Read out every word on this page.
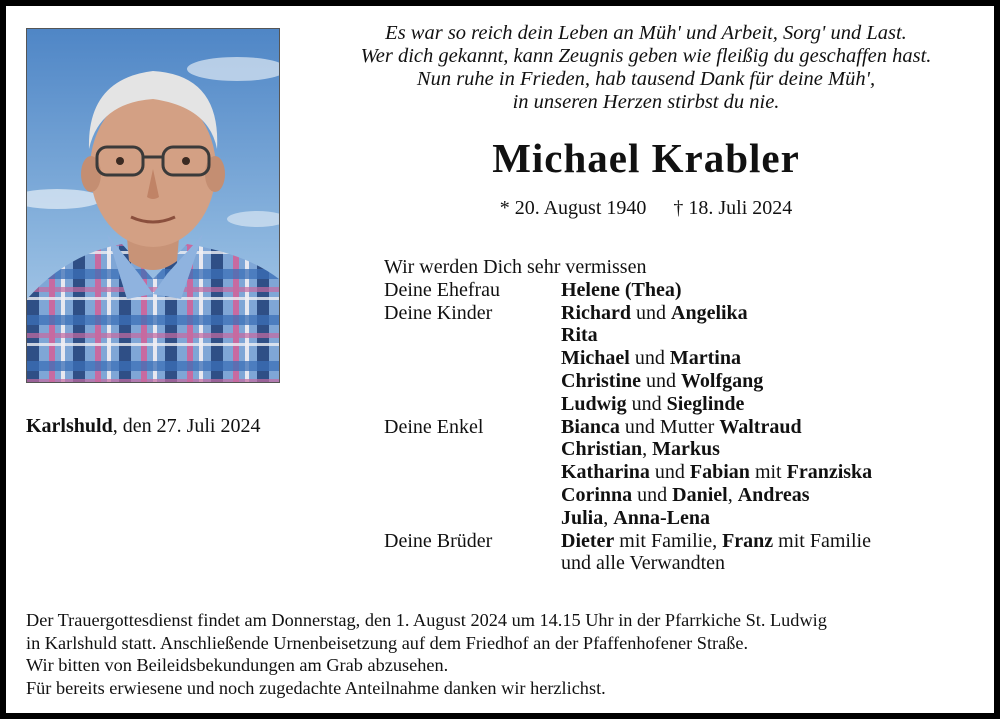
Es war so reich dein Leben an Müh' und Arbeit, Sorg' und Last.
Wer dich gekannt, kann Zeugnis geben wie fleißig du geschaffen hast.
Nun ruhe in Frieden, hab tausend Dank für deine Müh',
in unseren Herzen stirbst du nie.
Michael Krabler
* 20. August 1940 † 18. Juli 2024
Karlshuld, den 27. Juli 2024
Wir werden Dich sehr vermissen
Deine Ehefrau	Helene (Thea)
Deine Kinder	Richard und Angelika
Rita
Michael und Martina
Christine und Wolfgang
Ludwig und Sieglinde
Deine Enkel	Bianca und Mutter Waltraud
Christian, Markus
Katharina und Fabian mit Franziska
Corinna und Daniel, Andreas
Julia, Anna-Lena
Deine Brüder	Dieter mit Familie, Franz mit Familie
und alle Verwandten
Der Trauergottesdienst findet am Donnerstag, den 1. August 2024 um 14.15 Uhr in der Pfarrkiche St. Ludwig
in Karlshuld statt. Anschließende Urnenbeisetzung auf dem Friedhof an der Pfaffenhofener Straße.
Wir bitten von Beileidsbekundungen am Grab abzusehen.
Für bereits erwiesene und noch zugedachte Anteilnahme danken wir herzlichst.
